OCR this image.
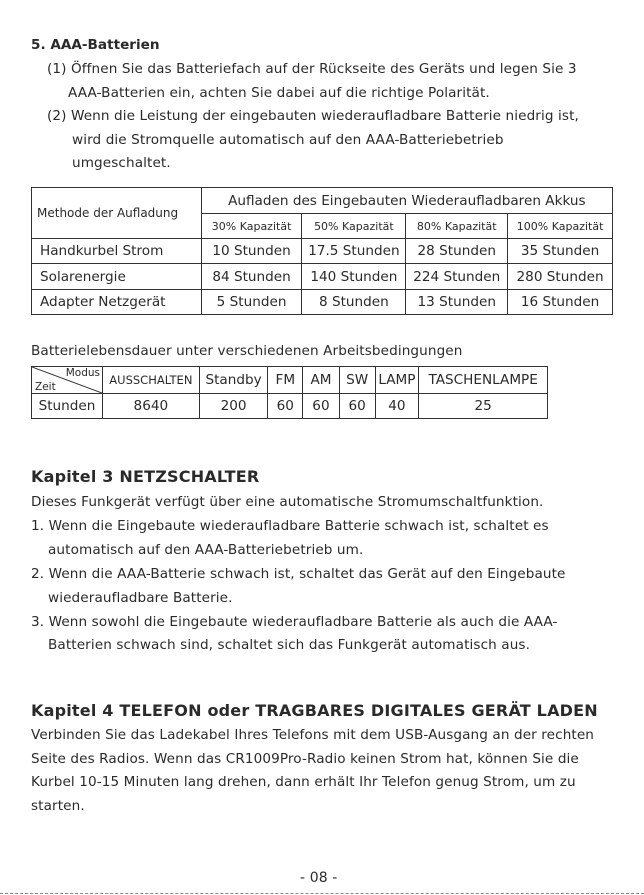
5. AAA-Batterien
(1) Öffnen Sie das Batteriefach auf der Rückseite des Geräts und legen Sie 3
AAA-Batterien ein, achten Sie dabei auf die richtige Polarität.
(2) Wenn die Leistung der eingebauten wiederaufladbare Batterie niedrig ist,
wird die Stromquelle automatisch auf den AAA-Batteriebetrieb
umgeschaltet.
Methode der Aufladung	Aufladen des Eingebauten Wiederaufladbaren Akkus			
	30% Kapazität	50% Kapazität	80% Kapazität	100% Kapazität
Handkurbel Strom	10 Stunden	17.5 Stunden	28 Stunden	35 Stunden
Solarenergie	84 Stunden	140 Stunden	224 Stunden	280 Stunden
Adapter Netzgerät	5 Stunden	8 Stunden	13 Stunden	16 Stunden
Batterielebensdauer unter verschiedenen Arbeitsbedingungen
Modus
Zeit	AUSSCHALTEN	Standby	FM	AM	SW	LAMP	TASCHENLAMPE
Stunden	8640	200	60	60	60	40	25
Kapitel 3 NETZSCHALTER
Dieses Funkgerät verfügt über eine automatische Stromumschaltfunktion.
1. Wenn die Eingebaute wiederaufladbare Batterie schwach ist, schaltet es
automatisch auf den AAA-Batteriebetrieb um.
2. Wenn die AAA-Batterie schwach ist, schaltet das Gerät auf den Eingebaute
wiederaufladbare Batterie.
3. Wenn sowohl die Eingebaute wiederaufladbare Batterie als auch die AAA-
Batterien schwach sind, schaltet sich das Funkgerät automatisch aus.
Kapitel 4 TELEFON oder TRAGBARES DIGITALES GERÄT LADEN
Verbinden Sie das Ladekabel Ihres Telefons mit dem USB-Ausgang an der rechten
Seite des Radios. Wenn das CR1009Pro-Radio keinen Strom hat, können Sie die
Kurbel 10-15 Minuten lang drehen, dann erhält Ihr Telefon genug Strom, um zu
starten.
- 08 -
